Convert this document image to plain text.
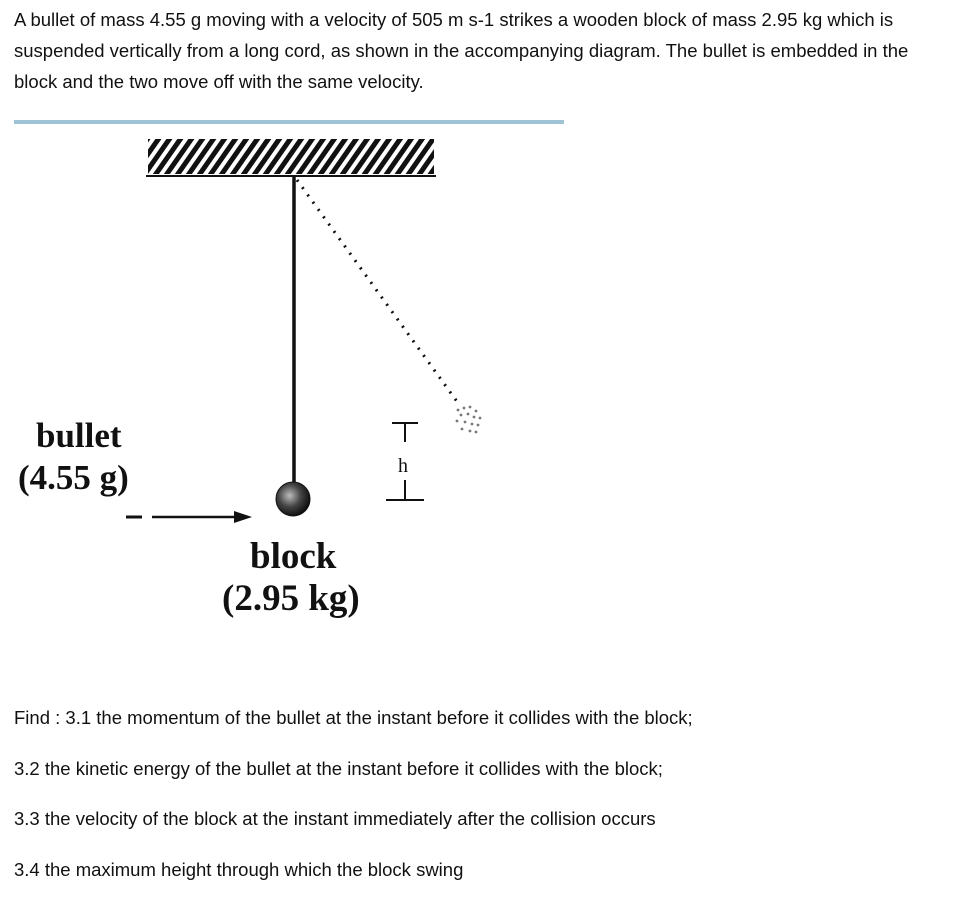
A bullet of mass 4.55 g moving with a velocity of 505 m s-1 strikes a wooden block of mass 2.95 kg which is suspended vertically from a long cord, as shown in the accompanying diagram. The bullet is embedded in the block and the two move off with the same velocity.
bullet
(4.55 g)	h
block
(2.95 kg)
Find : 3.1 the momentum of the bullet at the instant before it collides with the block;
3.2 the kinetic energy of the bullet at the instant before it collides with the block;
3.3 the velocity of the block at the instant immediately after the collision occurs
3.4 the maximum height through which the block swing
